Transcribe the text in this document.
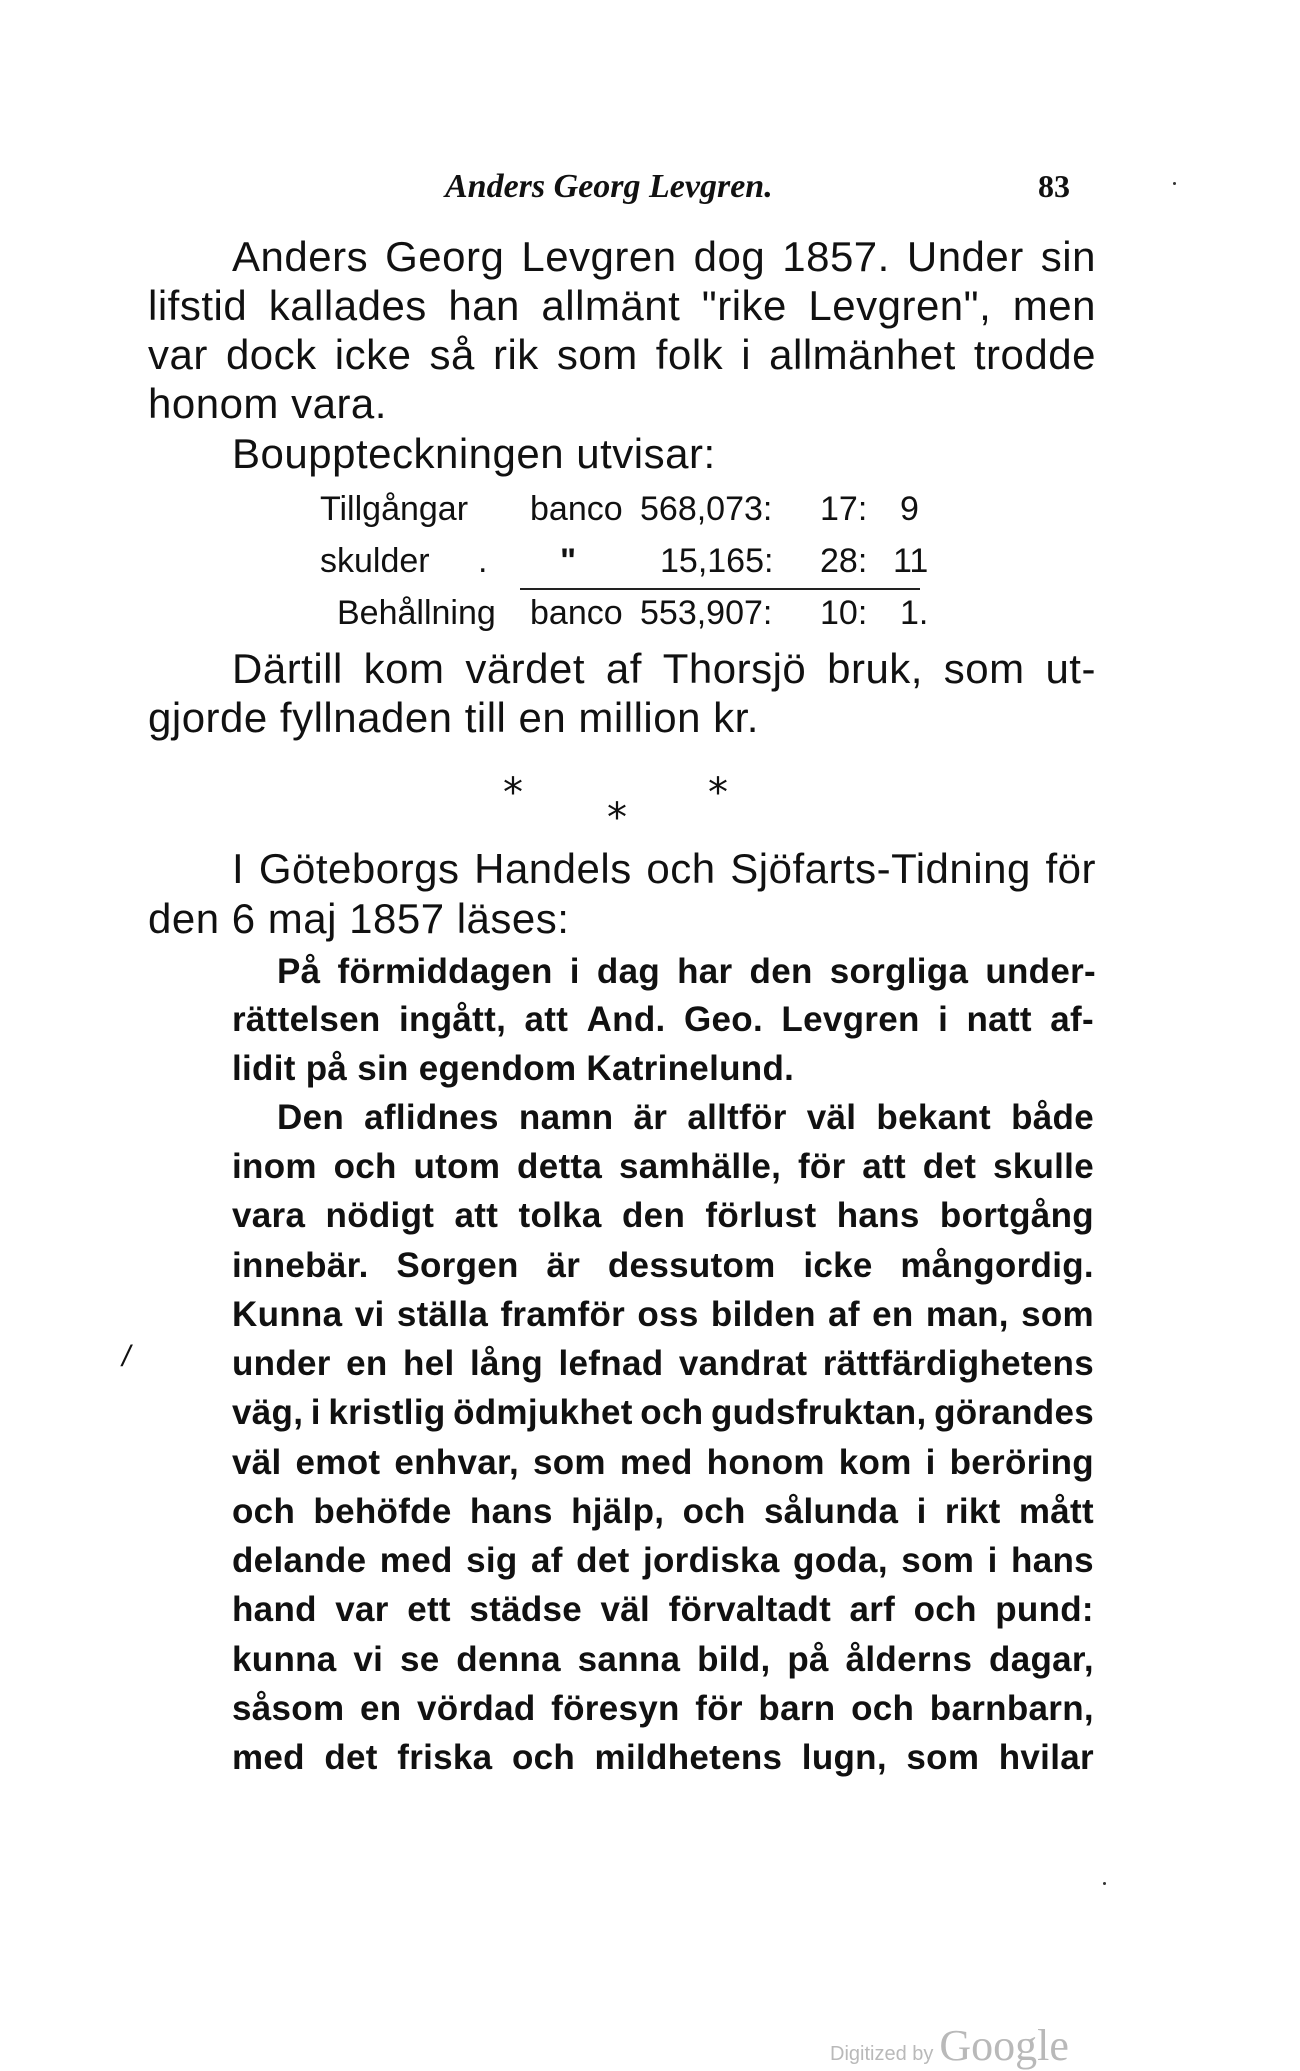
Anders Georg Levgren.	83
Anders Georg Levgren dog 1857. Under sin
lifstid kallades han allmänt "rike Levgren", men
var dock icke så rik som folk i allmänhet trodde
honom vara.
Bouppteckningen utvisar:
Tillgångar banco 568,073: 17: 9
skulder . " 15,165: 28: 11
Behållning banco 553,907: 10: 1.
Därtill kom värdet af Thorsjö bruk, som ut-
gjorde fyllnaden till en million kr.
*
*
*
I Göteborgs Handels och Sjöfarts-Tidning för
den 6 maj 1857 läses:
På förmiddagen i dag har den sorgliga under-
rättelsen ingått, att And. Geo. Levgren i natt af-
lidit på sin egendom Katrinelund.
Den aflidnes namn är alltför väl bekant både
inom och utom detta samhälle, för att det skulle
vara nödigt att tolka den förlust hans bortgång
innebär. Sorgen är dessutom icke mångordig.
Kunna vi ställa framför oss bilden af en man, som
under en hel lång lefnad vandrat rättfärdighetens
väg, i kristlig ödmjukhet och gudsfruktan, görandes
väl emot enhvar, som med honom kom i beröring
och behöfde hans hjälp, och sålunda i rikt mått
delande med sig af det jordiska goda, som i hans
hand var ett städse väl förvaltadt arf och pund:
kunna vi se denna sanna bild, på ålderns dagar,
såsom en vördad föresyn för barn och barnbarn,
med det friska och mildhetens lugn, som hvilar
/
Digitized by Google
